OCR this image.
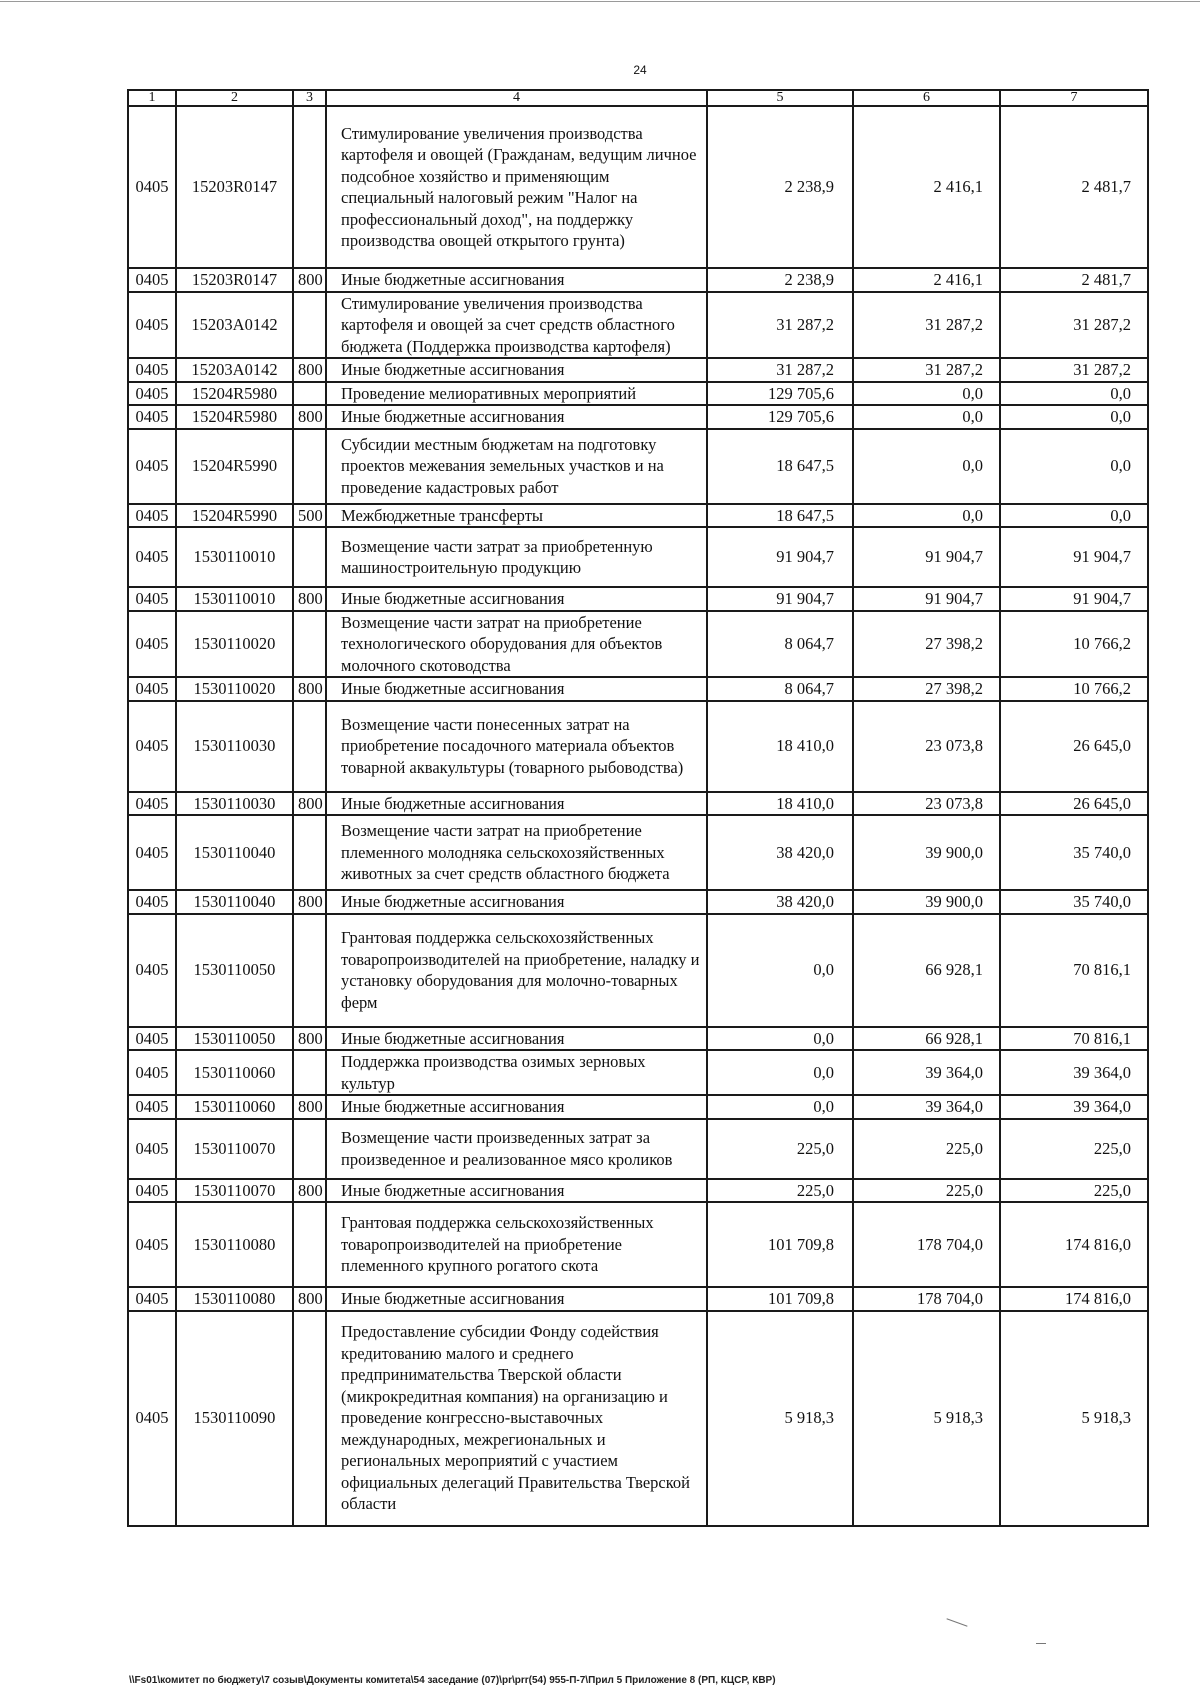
24
1	2	3	4	5	6	7
0405	15203R0147		Стимулирование увеличения производства картофеля и овощей (Гражданам, ведущим личное подсобное хозяйство и применяющим специальный налоговый режим "Налог на профессиональный доход", на поддержку производства овощей открытого грунта)	2 238,9	2 416,1	2 481,7
0405	15203R0147	800	Иные бюджетные ассигнования	2 238,9	2 416,1	2 481,7
0405	15203A0142		Стимулирование увеличения производства картофеля и овощей за счет средств областного бюджета (Поддержка производства картофеля)	31 287,2	31 287,2	31 287,2
0405	15203A0142	800	Иные бюджетные ассигнования	31 287,2	31 287,2	31 287,2
0405	15204R5980		Проведение мелиоративных мероприятий	129 705,6	0,0	0,0
0405	15204R5980	800	Иные бюджетные ассигнования	129 705,6	0,0	0,0
0405	15204R5990		Субсидии местным бюджетам на подготовку проектов межевания земельных участков и на проведение кадастровых работ	18 647,5	0,0	0,0
0405	15204R5990	500	Межбюджетные трансферты	18 647,5	0,0	0,0
0405	1530110010		Возмещение части затрат за приобретенную машиностроительную продукцию	91 904,7	91 904,7	91 904,7
0405	1530110010	800	Иные бюджетные ассигнования	91 904,7	91 904,7	91 904,7
0405	1530110020		Возмещение части затрат на приобретение технологического оборудования для объектов молочного скотоводства	8 064,7	27 398,2	10 766,2
0405	1530110020	800	Иные бюджетные ассигнования	8 064,7	27 398,2	10 766,2
0405	1530110030		Возмещение части понесенных затрат на приобретение посадочного материала объектов товарной аквакультуры (товарного рыбоводства)	18 410,0	23 073,8	26 645,0
0405	1530110030	800	Иные бюджетные ассигнования	18 410,0	23 073,8	26 645,0
0405	1530110040		Возмещение части затрат на приобретение племенного молодняка сельскохозяйственных животных за счет средств областного бюджета	38 420,0	39 900,0	35 740,0
0405	1530110040	800	Иные бюджетные ассигнования	38 420,0	39 900,0	35 740,0
0405	1530110050		Грантовая поддержка сельскохозяйственных товаропроизводителей на приобретение, наладку и установку оборудования для молочно-товарных ферм	0,0	66 928,1	70 816,1
0405	1530110050	800	Иные бюджетные ассигнования	0,0	66 928,1	70 816,1
0405	1530110060		Поддержка производства озимых зерновых культур	0,0	39 364,0	39 364,0
0405	1530110060	800	Иные бюджетные ассигнования	0,0	39 364,0	39 364,0
0405	1530110070		Возмещение части произведенных затрат за произведенное и реализованное мясо кроликов	225,0	225,0	225,0
0405	1530110070	800	Иные бюджетные ассигнования	225,0	225,0	225,0
0405	1530110080		Грантовая поддержка сельскохозяйственных товаропроизводителей на приобретение племенного крупного рогатого скота	101 709,8	178 704,0	174 816,0
0405	1530110080	800	Иные бюджетные ассигнования	101 709,8	178 704,0	174 816,0
0405	1530110090		Предоставление субсидии Фонду содействия кредитованию малого и среднего предпринимательства Тверской области (микрокредитная компания) на организацию и проведение конгрессно-выставочных международных, межрегиональных и региональных мероприятий с участием официальных делегаций Правительства Тверской области	5 918,3	5 918,3	5 918,3
\\Fs01\комитет по бюджету\7 созыв\Документы комитета\54 заседание (07)\pr\prr(54) 955-П-7\Прил 5 Приложение 8 (РП, КЦСР, КВР)
